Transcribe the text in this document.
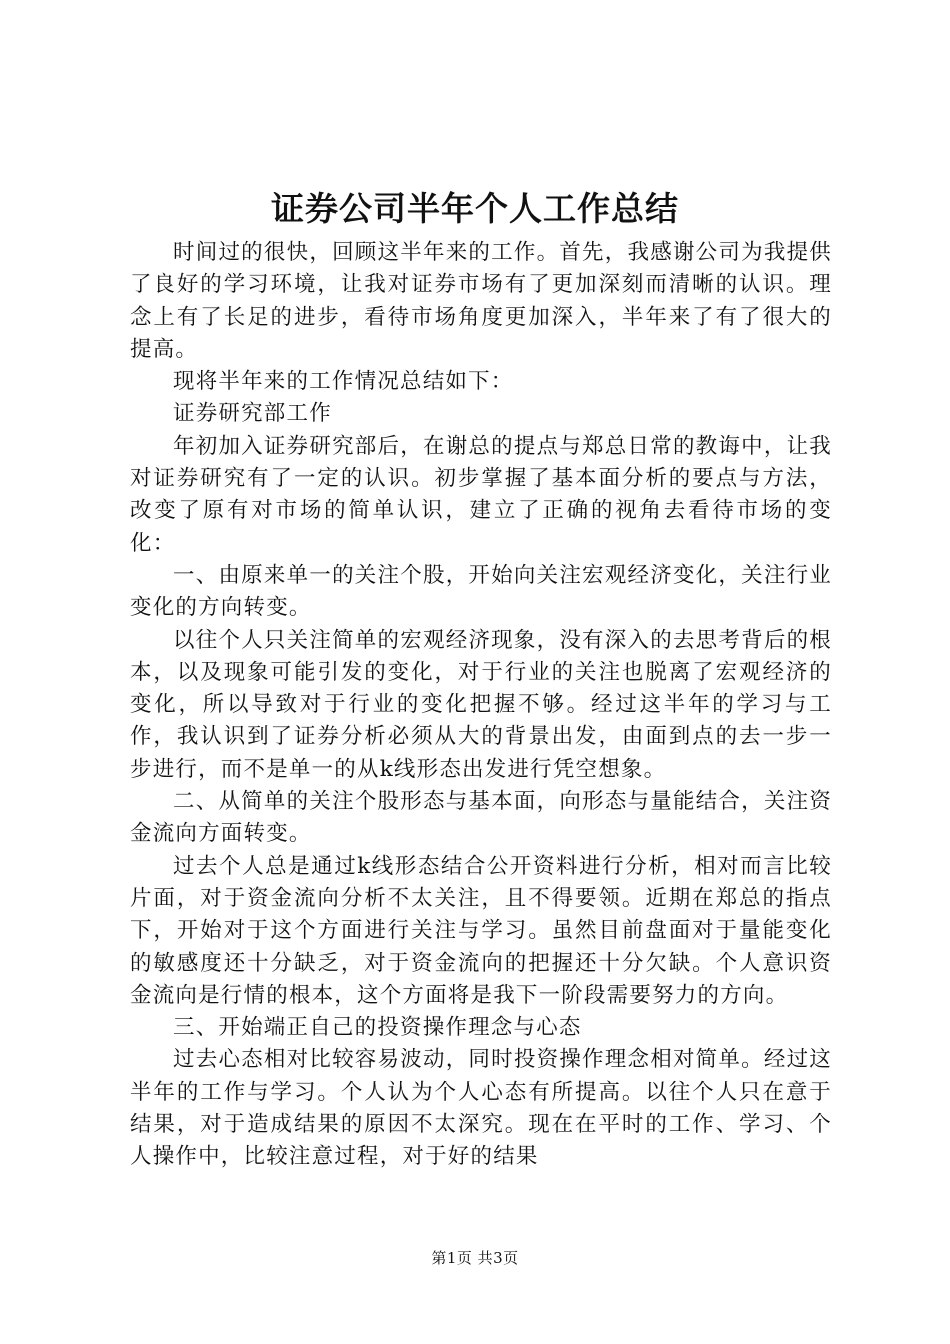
证券公司半年个人工作总结

时间过的很快，回顾这半年来的工作。首先，我感谢公司为我提供了良好的学习环境，让我对证券市场有了更加深刻而清晰的认识。理念上有了长足的进步，看待市场角度更加深入，半年来了有了很大的提高。

现将半年来的工作情况总结如下：

证券研究部工作

年初加入证券研究部后，在谢总的提点与郑总日常的教诲中，让我对证券研究有了一定的认识。初步掌握了基本面分析的要点与方法，改变了原有对市场的简单认识，建立了正确的视角去看待市场的变化：

一、由原来单一的关注个股，开始向关注宏观经济变化，关注行业变化的方向转变。

以往个人只关注简单的宏观经济现象，没有深入的去思考背后的根本，以及现象可能引发的变化，对于行业的关注也脱离了宏观经济的变化，所以导致对于行业的变化把握不够。经过这半年的学习与工作，我认识到了证券分析必须从大的背景出发，由面到点的去一步一步进行，而不是单一的从k线形态出发进行凭空想象。

二、从简单的关注个股形态与基本面，向形态与量能结合，关注资金流向方面转变。

过去个人总是通过k线形态结合公开资料进行分析，相对而言比较片面，对于资金流向分析不太关注，且不得要领。近期在郑总的指点下，开始对于这个方面进行关注与学习。虽然目前盘面对于量能变化的敏感度还十分缺乏，对于资金流向的把握还十分欠缺。个人意识资金流向是行情的根本，这个方面将是我下一阶段需要努力的方向。

三、开始端正自己的投资操作理念与心态

过去心态相对比较容易波动，同时投资操作理念相对简单。经过这半年的工作与学习。个人认为个人心态有所提高。以往个人只在意于结果，对于造成结果的原因不太深究。现在在平时的工作、学习、个人操作中，比较注意过程，对于好的结果

第1页 共3页
